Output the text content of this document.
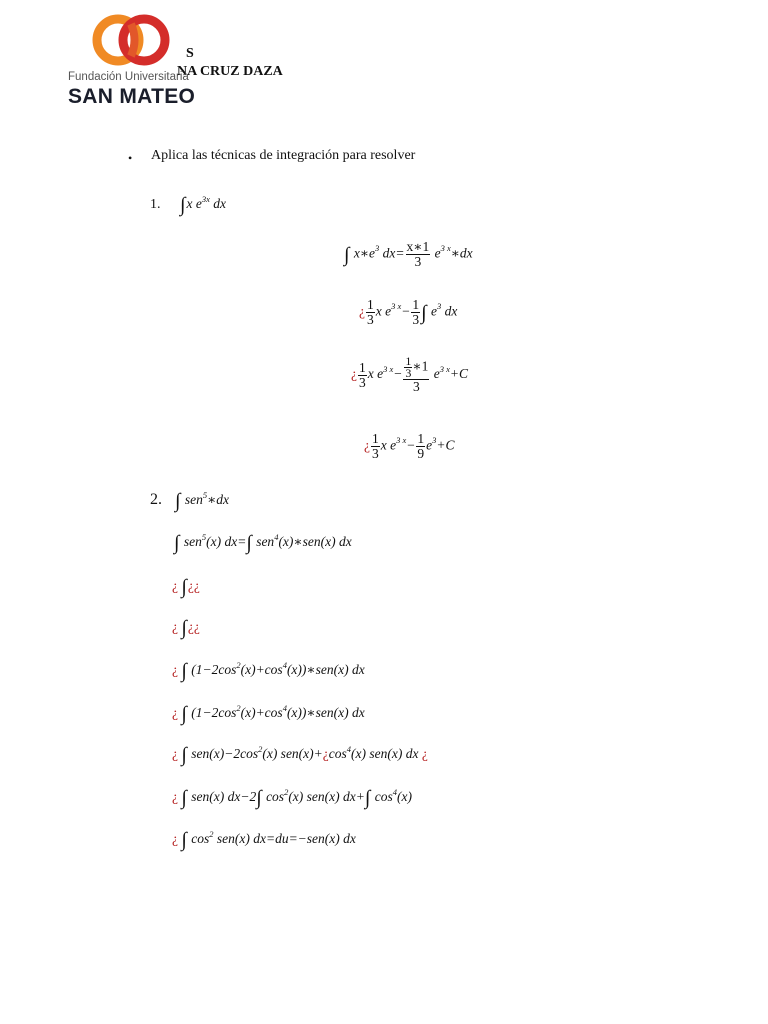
Fundación Universitaria
SAN MATEO
S
NA CRUZ DAZA
• Aplica las técnicas de integración para resolver
1. ∫x $e^{3x}$ dx
∫ $x∗e^3$ $dx= \frac{x∗1}{3}$ $e^{3 x}∗dx$
¿ $\frac{1}{3}$ x $e^{3 x}- \frac{1}{3}$ ∫ $e^3$ dx
¿ $\frac{1}{3}$ x $e^{3 x}- \frac{\frac{1}{3} ∗1}{3} e^{3 x}+C$
¿ $\frac{1}{3}$ x $e^{3 x}- \frac{1}{9} e^3+C$
2. ∫ sen$^5$∗dx
∫ sen$^5$(x) dx=∫ sen$^4$(x)∗sen(x) dx
¿ ∫¿¿
¿ ∫¿¿
¿ ∫ $(1-2\cos^2(x)+\cos^4(x))∗sen(x)$ dx
¿ ∫ $(1-2\cos^2(x)+\cos^4(x))∗sen(x)$ dx
¿ ∫ $sen(x)-2\cos^2(x)$ $sen(x)+¿\cos^4(x)$ sen(x) dx ¿
¿ ∫ sen(x) dx−2∫ $\cos^2(x)$ sen(x) dx+∫ $\cos^4(x)$
¿ ∫ $\cos^2 sen(x)$ dx=du=−sen(x) dx
